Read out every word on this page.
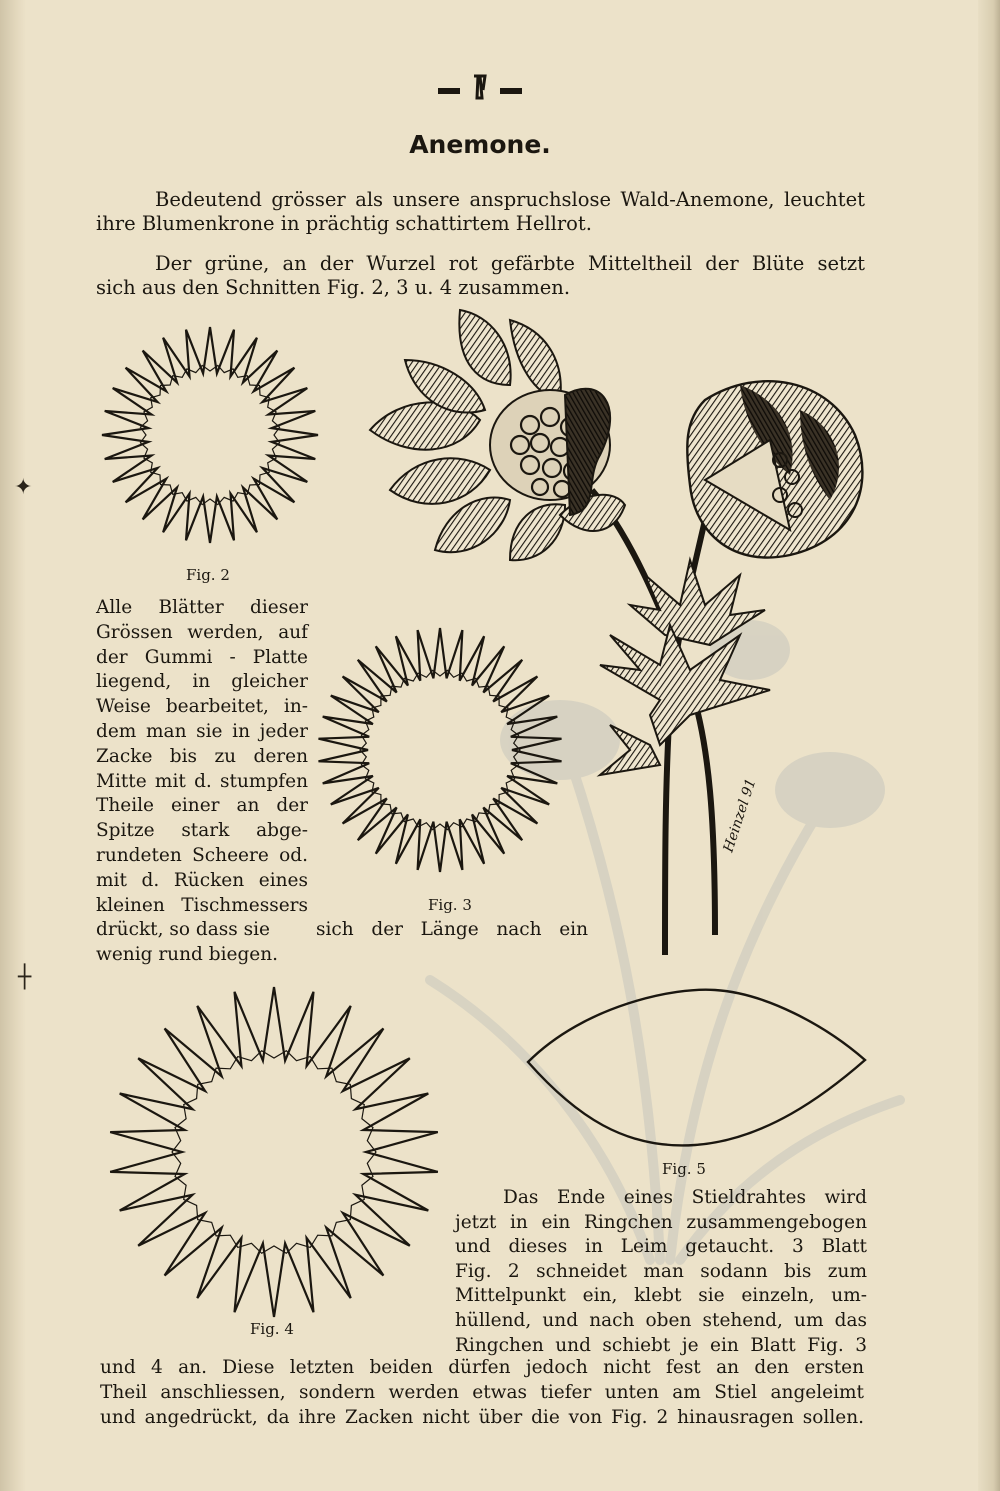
Anemone.
Bedeutend grösser als unsere anspruchslose Wald-Anemone, leuchtet
ihre Blumenkrone in prächtig schattirtem Hellrot.
Der grüne, an der Wurzel rot gefärbte Mitteltheil der Blüte setzt
sich aus den Schnitten Fig. 2, 3 u. 4 zusammen.
Fig. 2
Fig. 3
Fig. 4
Fig. 5
Heinzel 91
drückt, so dass sie sich der Länge nach ein
wenig rund biegen.
und 4 an. Diese letzten beiden dürfen jedoch nicht fest an den ersten
Theil anschliessen, sondern werden etwas tiefer unten am Stiel angeleimt
und angedrückt, da ihre Zacken nicht über die von Fig. 2 hinausragen sollen.
✦
┼
Alle Blätter dieser
Grössen werden, auf
der Gummi - Platte
liegend, in gleicher
Weise bearbeitet, in-
dem man sie in jeder
Zacke bis zu deren
Mitte mit d. stumpfen
Theile einer an der
Spitze stark abge-
rundeten Scheere od.
mit d. Rücken eines
kleinen Tischmessers
Das Ende eines Stieldrahtes wird
jetzt in ein Ringchen zusammengebogen
und dieses in Leim getaucht. 3 Blatt
Fig. 2 schneidet man sodann bis zum
Mittelpunkt ein, klebt sie einzeln, um-
hüllend, und nach oben stehend, um das
Ringchen und schiebt je ein Blatt Fig. 3
